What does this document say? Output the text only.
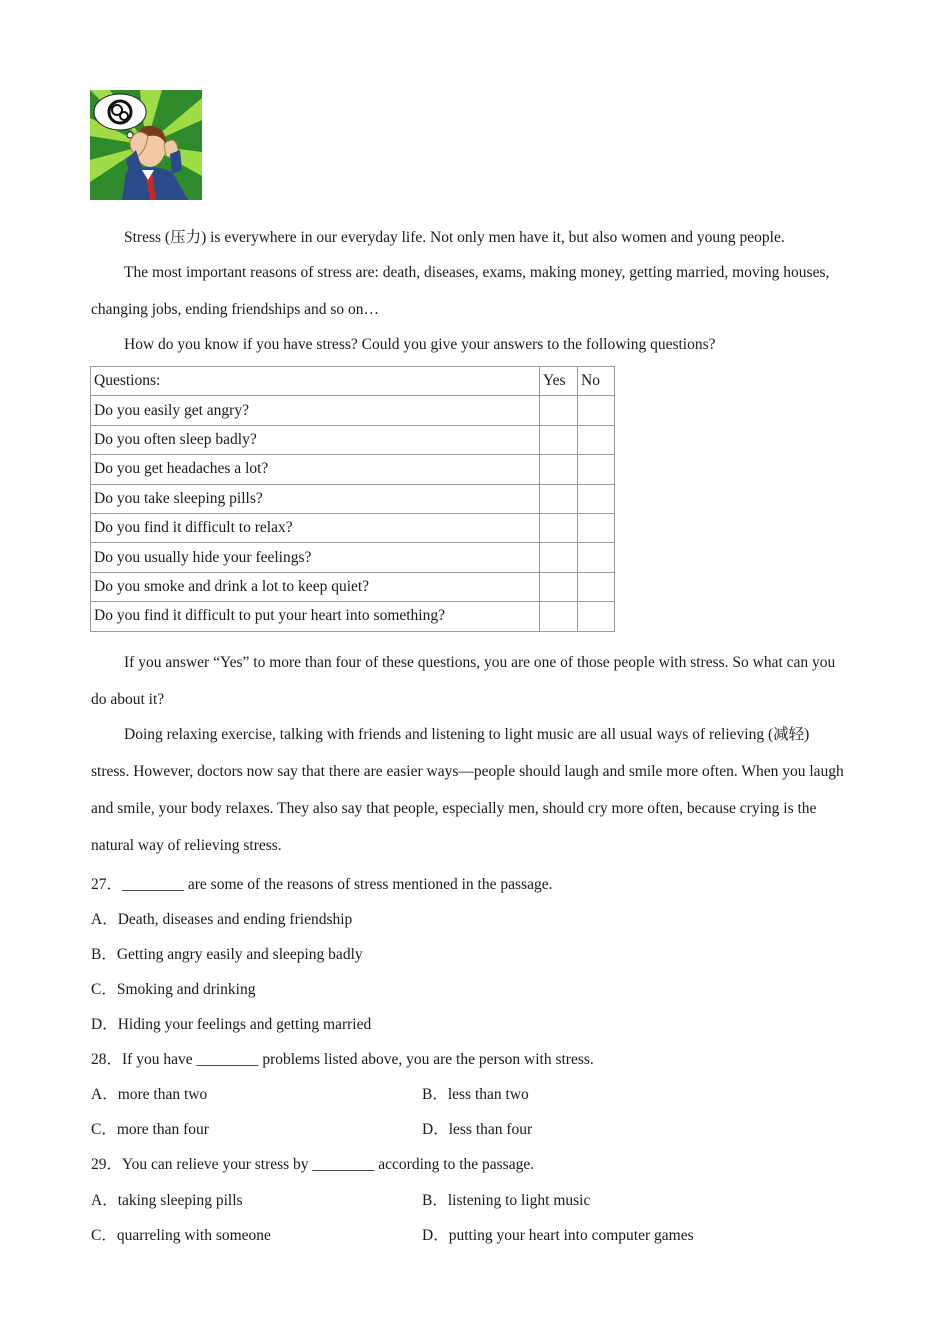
Stress (压力) is everywhere in our everyday life. Not only men have it, but also women and young people.

The most important reasons of stress are: death, diseases, exams, making money, getting married, moving houses, changing jobs, ending friendships and so on…

How do you know if you have stress? Could you give your answers to the following questions?

Questions:	Yes	No
Do you easily get angry?		
Do you often sleep badly?		
Do you get headaches a lot?		
Do you take sleeping pills?		
Do you find it difficult to relax?		
Do you usually hide your feelings?		
Do you smoke and drink a lot to keep quiet?		
Do you find it difficult to put your heart into something?		

If you answer “Yes” to more than four of these questions, you are one of those people with stress. So what can you do about it?

Doing relaxing exercise, talking with friends and listening to light music are all usual ways of relieving (减轻) stress. However, doctors now say that there are easier ways—people should laugh and smile more often. When you laugh and smile, your body relaxes. They also say that people, especially men, should cry more often, because crying is the natural way of relieving stress.

27．________ are some of the reasons of stress mentioned in the passage.
A．Death, diseases and ending friendship
B．Getting angry easily and sleeping badly
C．Smoking and drinking
D．Hiding your feelings and getting married
28．If you have ________ problems listed above, you are the person with stress.
A．more than two	B．less than two
C．more than four	D．less than four
29．You can relieve your stress by ________ according to the passage.
A．taking sleeping pills	B．listening to light music
C．quarreling with someone	D．putting your heart into computer games
